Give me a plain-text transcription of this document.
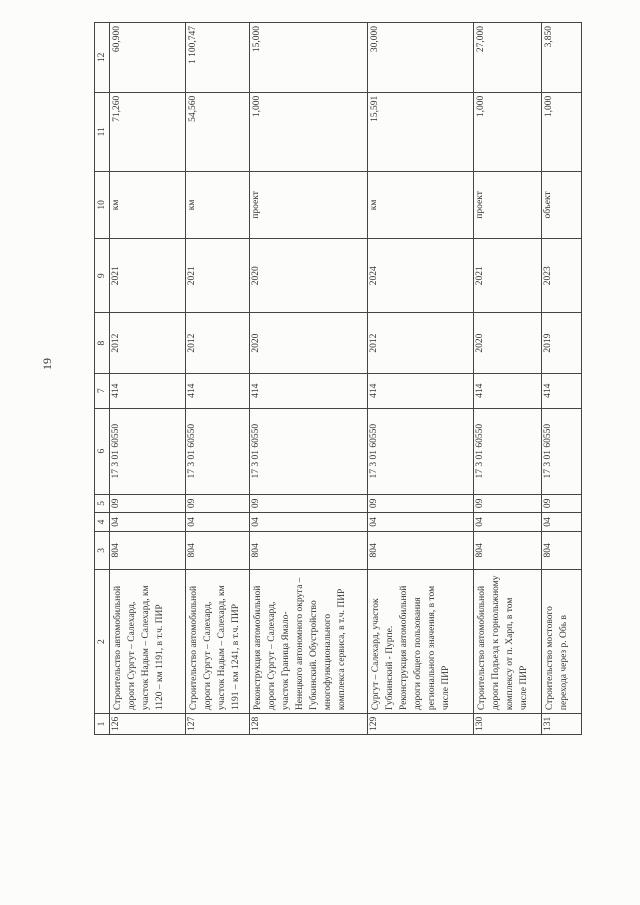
19
1	2	3	4	5	6	7	8	9	10	11	12
126	Строительство автомобильной дороги Сургут – Салехард, участок Надым – Салехард, км 1120 – км 1191, в т.ч. ПИР	804	04	09	17 3 01 60550	414	2012	2021	км	71,260	60,900
127	Строительство автомобильной дороги Сургут – Салехард, участок Надым – Салехард, км 1191 – км 1241, в т.ч. ПИР	804	04	09	17 3 01 60550	414	2012	2021	км	54,560	1 100,747
128	Реконструкция автомобильной дороги Сургут – Салехард, участок Граница Ямало-Ненецкого автономного округа – Губкинский. Обустройство многофункционального комплекса сервиса, в т.ч. ПИР	804	04	09	17 3 01 60550	414	2020	2020	проект	1,000	15,000
129	Сургут – Салехард, участок Губкинский - Пурпе. Реконструкция автомобильной дороги общего пользования регионального значения, в том числе ПИР	804	04	09	17 3 01 60550	414	2012	2024	км	15,591	30,000
130	Строительство автомобильной дороги Подъезд к горнолыжному комплексу от п. Харп, в том числе ПИР	804	04	09	17 3 01 60550	414	2020	2021	проект	1,000	27,000
131	Строительство мостового перехода через р. Обь в	804	04	09	17 3 01 60550	414	2019	2023	объект	1,000	3,850
